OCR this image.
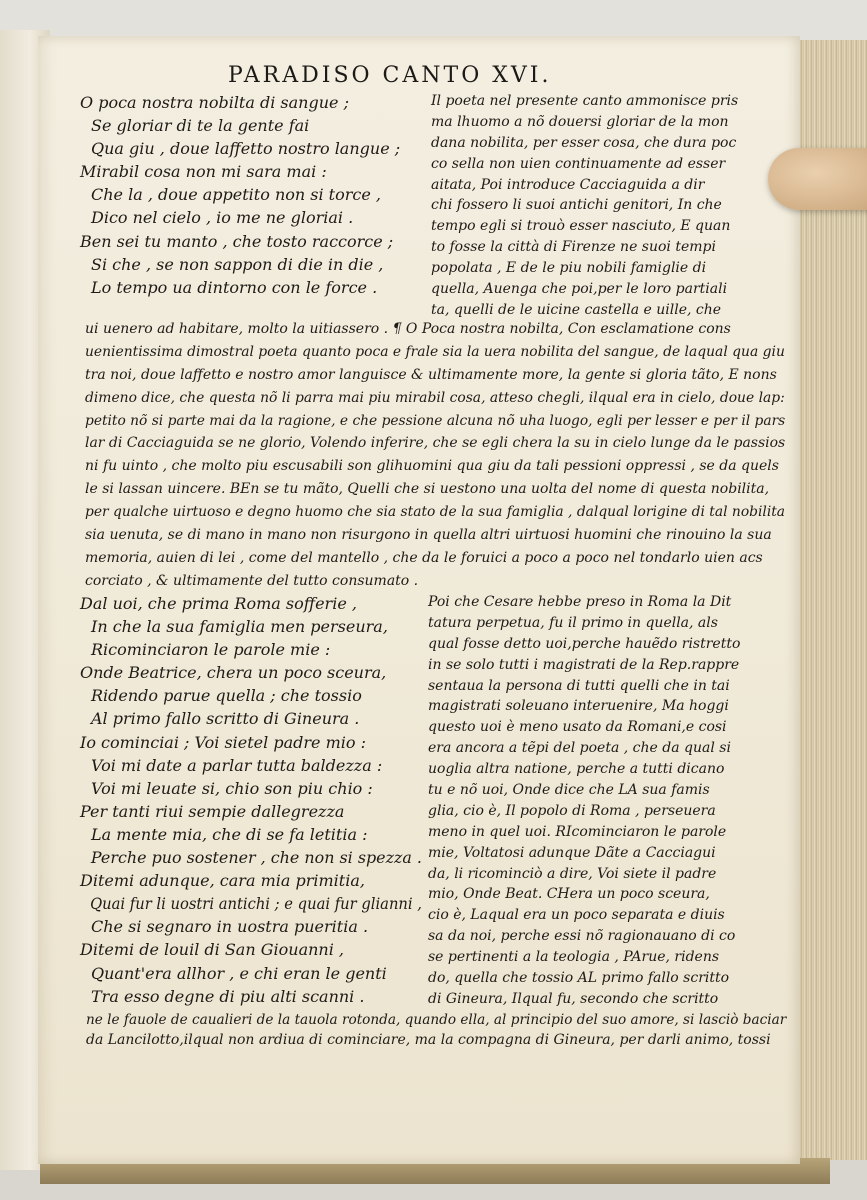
PARADISO CANTO XVI.
O poca nostra nobilta di sangue ;
Se gloriar di te la gente fai
Qua giu , doue laffetto nostro langue ;
Mirabil cosa non mi sara mai :
Che la , doue appetito non si torce ,
Dico nel cielo , io me ne gloriai .
Ben sei tu manto , che tosto raccorce ;
Si che , se non sappon di die in die ,
Lo tempo ua dintorno con le force .
Il poeta nel presente canto ammonisce pris
ma lhuomo a nõ douersi gloriar de la mon
dana nobilita, per esser cosa, che dura poc
co sella non uien continuamente ad esser
aitata, Poi introduce Cacciaguida a dir
chi fossero li suoi antichi genitori, In che
tempo egli si trouò esser nasciuto, E quan
to fosse la città di Firenze ne suoi tempi
popolata , E de le piu nobili famiglie di
quella, Auenga che poi,per le loro partiali
ta, quelli de le uicine castella e uille, che
ui uenero ad habitare, molto la uitiassero . ¶ O Poca nostra nobilta, Con esclamatione cons
uenientissima dimostral poeta quanto poca e frale sia la uera nobilita del sangue, de laqual qua giu
tra noi, doue laffetto e nostro amor languisce & ultimamente more, la gente si gloria tãto, E nons
dimeno dice, che questa nõ li parra mai piu mirabil cosa, atteso chegli, ilqual era in cielo, doue lap:
petito nõ si parte mai da la ragione, e che pessione alcuna nõ uha luogo, egli per lesser e per il pars
lar di Cacciaguida se ne glorio, Volendo inferire, che se egli chera la su in cielo lunge da le passios
ni fu uinto , che molto piu escusabili son glihuomini qua giu da tali pessioni oppressi , se da quels
le si lassan uincere. BEn se tu mãto, Quelli che si uestono una uolta del nome di questa nobilita,
per qualche uirtuoso e degno huomo che sia stato de la sua famiglia , dalqual lorigine di tal nobilita
sia uenuta, se di mano in mano non risurgono in quella altri uirtuosi huomini che rinouino la sua
memoria, auien di lei , come del mantello , che da le foruici a poco a poco nel tondarlo uien acs
corciato , & ultimamente del tutto consumato .
Dal uoi, che prima Roma sofferie ,
In che la sua famiglia men perseura,
Ricominciaron le parole mie :
Onde Beatrice, chera un poco sceura,
Ridendo parue quella ; che tossio
Al primo fallo scritto di Gineura .
Io cominciai ; Voi sietel padre mio :
Voi mi date a parlar tutta baldezza :
Voi mi leuate si, chio son piu chio :
Per tanti riui sempie dallegrezza
La mente mia, che di se fa letitia :
Perche puo sostener , che non si spezza .
Ditemi adunque, cara mia primitia,
Quai fur li uostri antichi ; e quai fur glianni ,
Che si segnaro in uostra pueritia .
Ditemi de louil di San Giouanni ,
Quant'era allhor , e chi eran le genti
Tra esso degne di piu alti scanni .
Poi che Cesare hebbe preso in Roma la Dit
tatura perpetua, fu il primo in quella, als
qual fosse detto uoi,perche hauẽdo ristretto
in se solo tutti i magistrati de la Rep.rappre
sentaua la persona di tutti quelli che in tai
magistrati soleuano interuenire, Ma hoggi
questo uoi è meno usato da Romani,e cosi
era ancora a tẽpi del poeta , che da qual si
uoglia altra natione, perche a tutti dicano
tu e nõ uoi, Onde dice che LA sua famis
glia, cio è, Il popolo di Roma , perseuera
meno in quel uoi. RIcominciaron le parole
mie, Voltatosi adunque Dãte a Cacciagui
da, li ricominciò a dire, Voi siete il padre
mio, Onde Beat. CHera un poco sceura,
cio è, Laqual era un poco separata e diuis
sa da noi, perche essi nõ ragionauano di co
se pertinenti a la teologia , PArue, ridens
do, quella che tossio AL primo fallo scritto
di Gineura, Ilqual fu, secondo che scritto
ne le fauole de caualieri de la tauola rotonda, quando ella, al principio del suo amore, si lasciò baciar
da Lancilotto,ilqual non ardiua di cominciare, ma la compagna di Gineura, per darli animo, tossi
